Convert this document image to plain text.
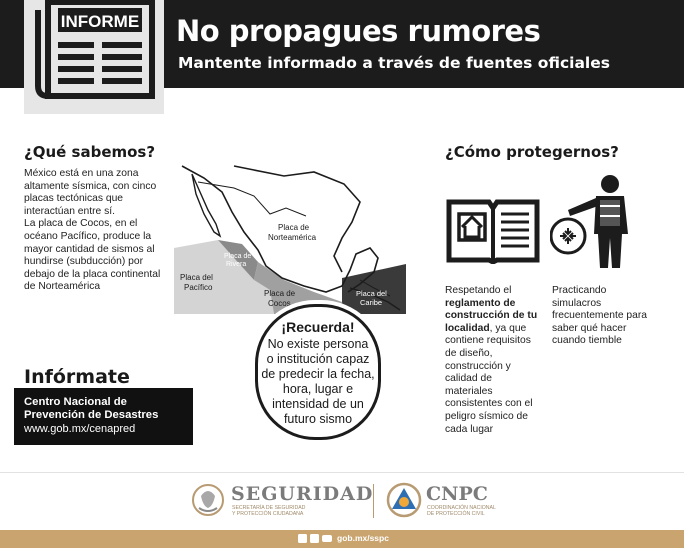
INFORME No propagues rumores
Mantente informado a través de fuentes oficiales
¿Qué sabemos?
México está en una zona
altamente sísmica, con cinco
placas tectónicas que
interactúan entre sí.
La placa de Cocos, en el
océano Pacífico, produce la
mayor cantidad de sismos al
hundirse (subducción) por
debajo de la placa continental
de Norteamérica
Placa de
Norteamérica
Placa del
Pacífico
Placa de
Rivera
Placa de
Cocos
Placa del
Caribe
¡Recuerda!
No existe persona
o institución capaz
de predecir la fecha,
hora, lugar e
intensidad de un
futuro sismo
Infórmate
Centro Nacional de
Prevención de Desastres
www.gob.mx/cenapred
¿Cómo protegernos?
Respetando el
reglamento de
construcción de tu
localidad, ya que
contiene requisitos
de diseño,
construcción y
calidad de
materiales
consistentes con el
peligro sísmico de
cada lugar
Practicando
simulacros
frecuentemente para
saber qué hacer
cuando tiemble
SEGURIDAD
SECRETARÍA DE SEGURIDAD
Y PROTECCIÓN CIUDADANA
CNPC
COORDINACIÓN NACIONAL
DE PROTECCIÓN CIVIL
gob.mx/sspc
